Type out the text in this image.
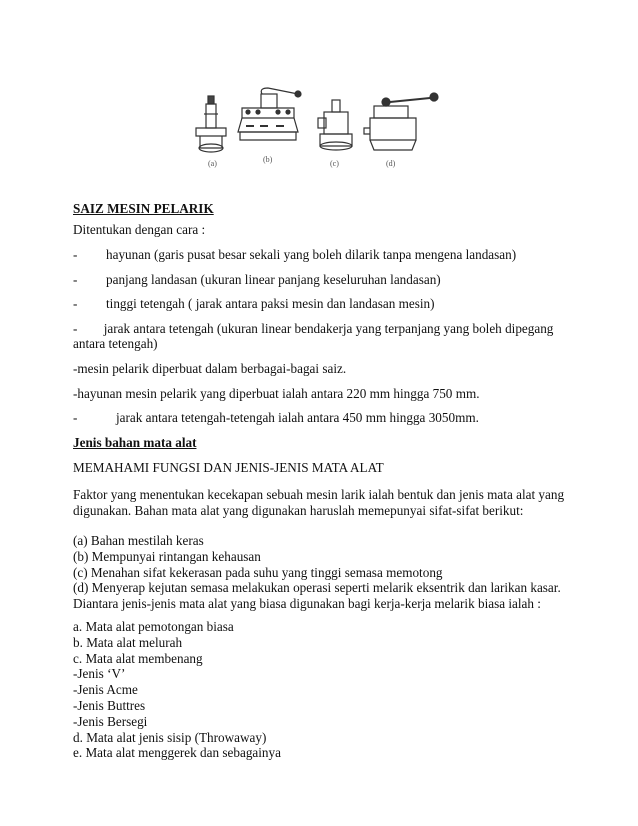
(a)	(b)	(c)	(d)
SAIZ MESIN PELARIK
Ditentukan dengan cara :
- hayunan (garis pusat besar sekali yang boleh dilarik tanpa mengena landasan)
- panjang landasan (ukuran linear panjang keseluruhan landasan)
- tinggi tetengah ( jarak antara paksi mesin dan landasan mesin)
-        jarak antara tetengah (ukuran linear bendakerja yang terpanjang yang boleh dipegang
antara tetengah)
-mesin pelarik diperbuat dalam berbagai-bagai saiz.
-hayunan mesin pelarik yang diperbuat ialah antara 220 mm hingga 750 mm.
-	jarak antara tetengah-tetengah ialah antara 450 mm hingga 3050mm.
Jenis bahan mata alat
MEMAHAMI FUNGSI DAN JENIS-JENIS MATA ALAT
Faktor yang menentukan kecekapan sebuah mesin larik ialah bentuk dan jenis mata alat yang
digunakan. Bahan mata alat yang digunakan haruslah memepunyai sifat-sifat berikut:
(a) Bahan mestilah keras
(b) Mempunyai rintangan kehausan
(c) Menahan sifat kekerasan pada suhu yang tinggi semasa memotong
(d) Menyerap kejutan semasa melakukan operasi seperti melarik eksentrik dan larikan kasar.
Diantara jenis-jenis mata alat yang biasa digunakan bagi kerja-kerja melarik biasa ialah :
a. Mata alat pemotongan biasa
b. Mata alat melurah
c. Mata alat membenang
-Jenis ‘V’
-Jenis Acme
-Jenis Buttres
-Jenis Bersegi
d. Mata alat jenis sisip (Throwaway)
e. Mata alat menggerek dan sebagainya
